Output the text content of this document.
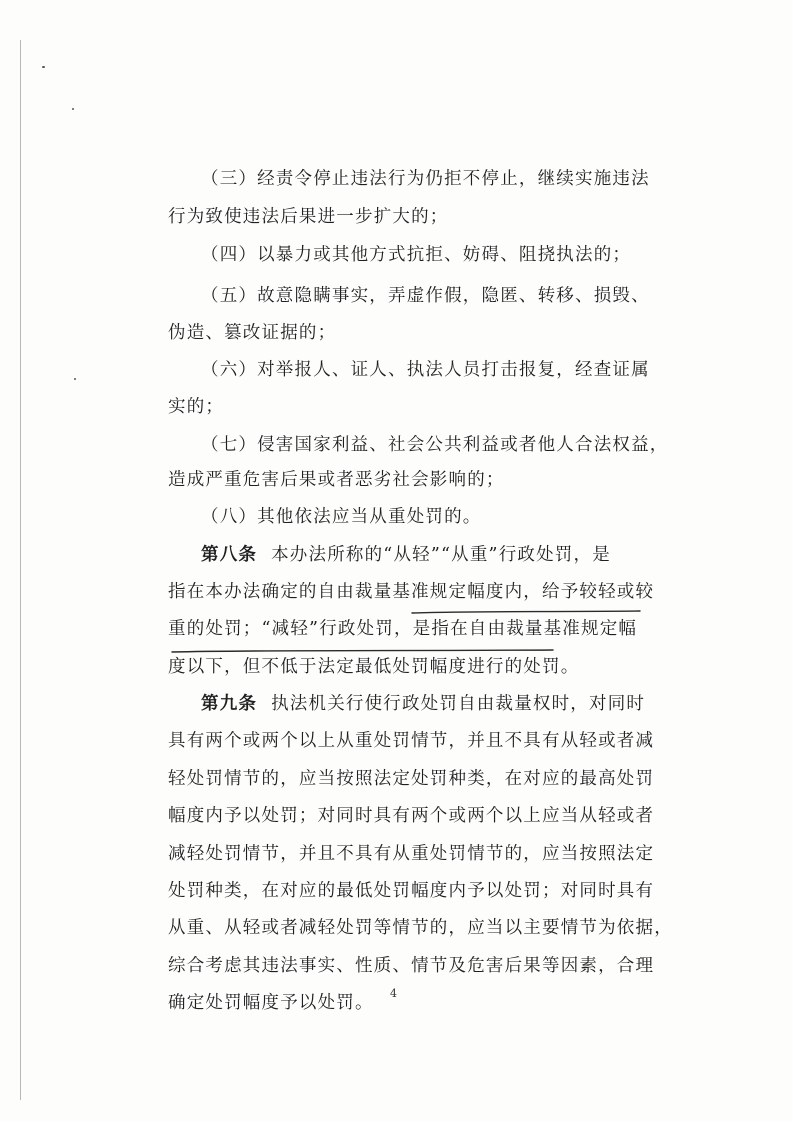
（三）经责令停止违法行为仍拒不停止，继续实施违法
行为致使违法后果进一步扩大的；
（四）以暴力或其他方式抗拒、妨碍、阻挠执法的；
（五）故意隐瞒事实，弄虚作假，隐匿、转移、损毁、
伪造、篡改证据的；
（六）对举报人、证人、执法人员打击报复，经查证属
实的；
（七）侵害国家利益、社会公共利益或者他人合法权益，
造成严重危害后果或者恶劣社会影响的；
（八）其他依法应当从重处罚的。
第八条 本办法所称的“从轻”“从重”行政处罚，是
指在本办法确定的自由裁量基准规定幅度内，给予较轻或较
重的处罚；“减轻”行政处罚，是指在自由裁量基准规定幅
度以下，但不低于法定最低处罚幅度进行的处罚。
第九条 执法机关行使行政处罚自由裁量权时，对同时
具有两个或两个以上从重处罚情节，并且不具有从轻或者减
轻处罚情节的，应当按照法定处罚种类，在对应的最高处罚
幅度内予以处罚；对同时具有两个或两个以上应当从轻或者
减轻处罚情节，并且不具有从重处罚情节的，应当按照法定
处罚种类，在对应的最低处罚幅度内予以处罚；对同时具有
从重、从轻或者减轻处罚等情节的，应当以主要情节为依据，
综合考虑其违法事实、性质、情节及危害后果等因素，合理
确定处罚幅度予以处罚。 4
